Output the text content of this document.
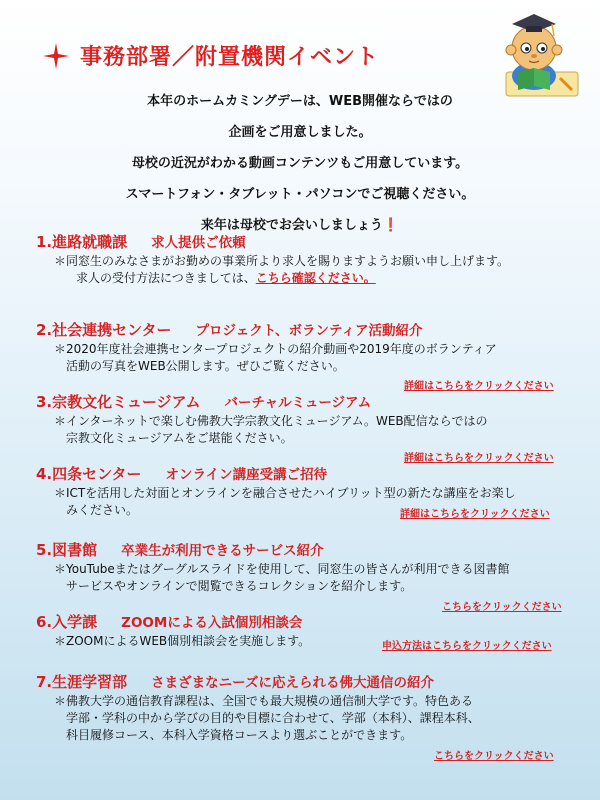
事務部署／附置機関イベント
本年のホームカミングデーは、WEB開催ならではの
企画をご用意しました。
母校の近況がわかる動画コンテンツもご用意しています。
スマートフォン・タブレット・パソコンでご視聴ください。
来年は母校でお会いしましょう❗
1.進路就職課 求人提供ご依頼
＊同窓生のみなさまがお勤めの事業所より求人を賜りますようお願い申し上げます。
求人の受付方法につきましては、こちら確認ください。
2.社会連携センター プロジェクト、ボランティア活動紹介
＊2020年度社会連携センタープロジェクトの紹介動画や2019年度のボランティア
活動の写真をWEB公開します。ぜひご覧ください。
詳細はこちらをクリックください
3.宗教文化ミュージアム バーチャルミュージアム
＊インターネットで楽しむ佛教大学宗教文化ミュージアム。WEB配信ならではの
宗教文化ミュージアムをご堪能ください。
詳細はこちらをクリックください
4.四条センター オンライン講座受講ご招待
＊ICTを活用した対面とオンラインを融合させたハイブリット型の新たな講座をお楽し
みください。	詳細はこちらをクリックください
5.図書館 卒業生が利用できるサービス紹介
＊YouTubeまたはグーグルスライドを使用して、同窓生の皆さんが利用できる図書館
サービスやオンラインで閲覧できるコレクションを紹介します。
こちらをクリックください
6.入学課 ZOOMによる入試個別相談会
＊ZOOMによるWEB個別相談会を実施します。	申込方法はこちらをクリックください
7.生涯学習部 さまざまなニーズに応えられる佛大通信の紹介
＊佛教大学の通信教育課程は、全国でも最大規模の通信制大学です。特色ある
学部・学科の中から学びの目的や目標に合わせて、学部（本科）、課程本科、
科目履修コース、本科入学資格コースより選ぶことができます。
こちらをクリックください
